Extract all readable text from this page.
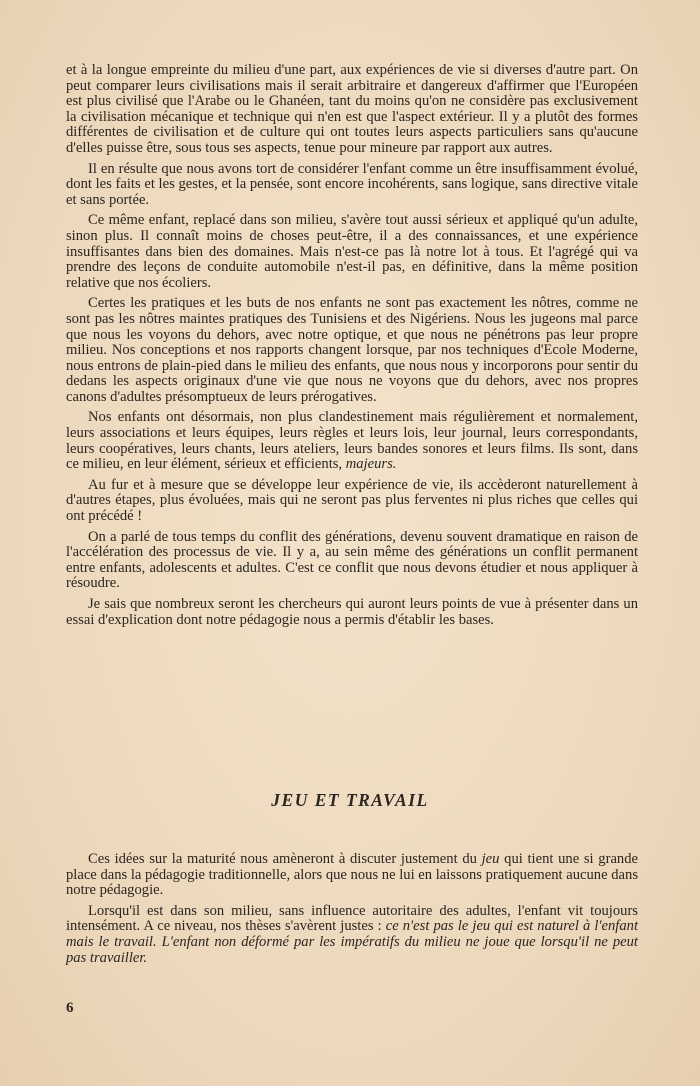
et à la longue empreinte du milieu d'une part, aux expériences de vie si diverses d'autre part. On peut comparer leurs civilisations mais il serait arbitraire et dangereux d'affirmer que l'Européen est plus civilisé que l'Arabe ou le Ghanéen, tant du moins qu'on ne considère pas exclusivement la civilisation mécanique et technique qui n'en est que l'aspect extérieur. Il y a plutôt des formes différentes de civilisation et de culture qui ont toutes leurs aspects particuliers sans qu'aucune d'elles puisse être, sous tous ses aspects, tenue pour mineure par rapport aux autres.

Il en résulte que nous avons tort de considérer l'enfant comme un être insuffisamment évolué, dont les faits et les gestes, et la pensée, sont encore incohérents, sans logique, sans directive vitale et sans portée.

Ce même enfant, replacé dans son milieu, s'avère tout aussi sérieux et appliqué qu'un adulte, sinon plus. Il connaît moins de choses peut-être, il a des connaissances, et une expérience insuffisantes dans bien des domaines. Mais n'est-ce pas là notre lot à tous. Et l'agrégé qui va prendre des leçons de conduite automobile n'est-il pas, en définitive, dans la même position relative que nos écoliers.

Certes les pratiques et les buts de nos enfants ne sont pas exactement les nôtres, comme ne sont pas les nôtres maintes pratiques des Tunisiens et des Nigériens. Nous les jugeons mal parce que nous les voyons du dehors, avec notre optique, et que nous ne pénétrons pas leur propre milieu. Nos conceptions et nos rapports changent lorsque, par nos techniques d'Ecole Moderne, nous entrons de plain-pied dans le milieu des enfants, que nous nous y incorporons pour sentir du dedans les aspects originaux d'une vie que nous ne voyons que du dehors, avec nos propres canons d'adultes présomptueux de leurs prérogatives.

Nos enfants ont désormais, non plus clandestinement mais régulièrement et normalement, leurs associations et leurs équipes, leurs règles et leurs lois, leur journal, leurs correspondants, leurs coopératives, leurs chants, leurs ateliers, leurs bandes sonores et leurs films. Ils sont, dans ce milieu, en leur élément, sérieux et efficients, majeurs.

Au fur et à mesure que se développe leur expérience de vie, ils accèderont naturellement à d'autres étapes, plus évoluées, mais qui ne seront pas plus ferventes ni plus riches que celles qui ont précédé !

On a parlé de tous temps du conflit des générations, devenu souvent dramatique en raison de l'accélération des processus de vie. Il y a, au sein même des générations un conflit permanent entre enfants, adolescents et adultes. C'est ce conflit que nous devons étudier et nous appliquer à résoudre.

Je sais que nombreux seront les chercheurs qui auront leurs points de vue à présenter dans un essai d'explication dont notre pédagogie nous a permis d'établir les bases.

JEU ET TRAVAIL

Ces idées sur la maturité nous amèneront à discuter justement du jeu qui tient une si grande place dans la pédagogie traditionnelle, alors que nous ne lui en laissons pratiquement aucune dans notre pédagogie.

Lorsqu'il est dans son milieu, sans influence autoritaire des adultes, l'enfant vit toujours intensément. A ce niveau, nos thèses s'avèrent justes : ce n'est pas le jeu qui est naturel à l'enfant mais le travail. L'enfant non déformé par les impératifs du milieu ne joue que lorsqu'il ne peut pas travailler.

6
